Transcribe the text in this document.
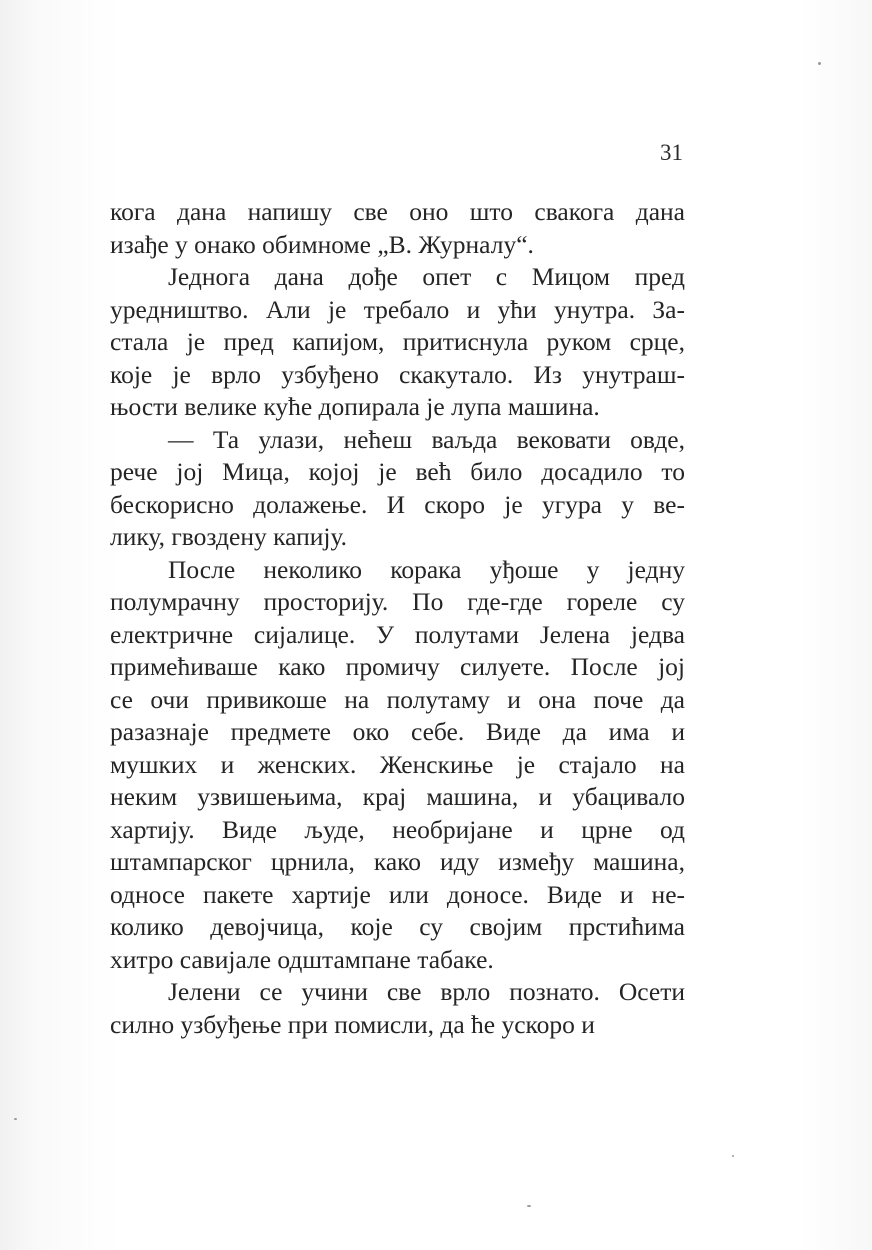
31
кога дана напишу све оно што свакога дана
изађе у онако обимноме „В. Журналу“.
Једнога дана дође опет с Мицом пред
уредништво. Али је требало и ући унутра. За-
стала је пред капијом, притиснула руком срце,
које је врло узбуђено скакутало. Из унутраш-
њости велике куће допирала је лупа машина.
— Та улази, нећеш ваљда вековати овде,
рече јој Мица, којој је већ било досадило то
бескорисно долажење. И скоро је угура у ве-
лику, гвоздену капију.
После неколико корака уђоше у једну
полумрачну просторију. По где-где гореле су
електричне сијалице. У полутами Јелена једва
примећиваше како промичу силуете. После јој
се очи привикоше на полутаму и она поче да
разазнаје предмете око себе. Виде да има и
мушких и женских. Женскиње је стајало на
неким узвишењима, крај машина, и убацивало
хартију. Виде људе, необријане и црне од
штампарског црнила, како иду између машина,
односе пакете хартије или доносе. Виде и не-
колико девојчица, које су својим прстићима
хитро савијале одштампане табаке.
Јелени се учини све врло познато. Осети
силно узбуђење при помисли, да ће ускоро и
